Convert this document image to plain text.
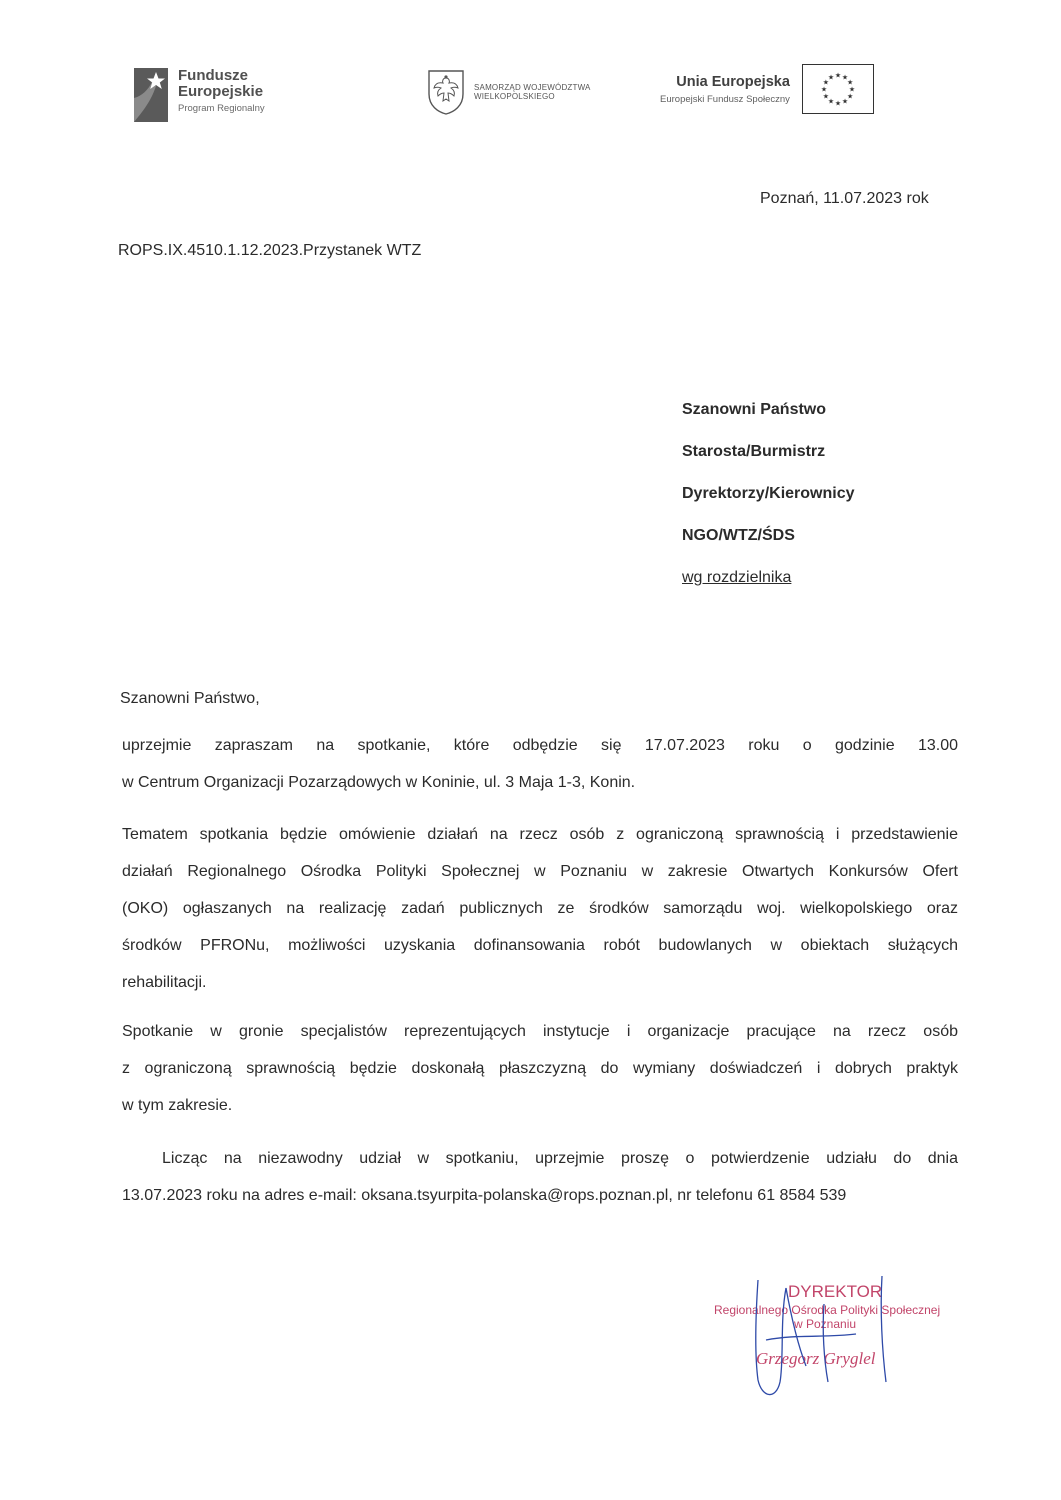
Fundusze
Europejskie
Program Regionalny
SAMORZĄD WOJEWÓDZTWA
WIELKOPOLSKIEGO
Unia Europejska
Europejski Fundusz Społeczny
★ ★
★
★
★
★
★
★
★
★
★
★
Poznań, 11.07.2023 rok
ROPS.IX.4510.1.12.2023.Przystanek WTZ
Szanowni Państwo
Starosta/Burmistrz
Dyrektorzy/Kierownicy
NGO/WTZ/ŚDS
wg rozdzielnika
Szanowni Państwo,
uprzejmie zapraszam na spotkanie, które odbędzie się 17.07.2023 roku o godzinie 13.00
w Centrum Organizacji Pozarządowych w Koninie, ul. 3 Maja 1-3, Konin.
Tematem spotkania będzie omówienie działań na rzecz osób z ograniczoną sprawnością i przedstawienie
działań Regionalnego Ośrodka Polityki Społecznej w Poznaniu w zakresie Otwartych Konkursów Ofert
(OKO) ogłaszanych na realizację zadań publicznych ze środków samorządu woj. wielkopolskiego oraz
środków PFRONu, możliwości uzyskania dofinansowania robót budowlanych w obiektach służących
rehabilitacji.
Spotkanie w gronie specjalistów reprezentujących instytucje i organizacje pracujące na rzecz osób
z ograniczoną sprawnością będzie doskonałą płaszczyzną do wymiany doświadczeń i dobrych praktyk
w tym zakresie.
Licząc na niezawodny udział w spotkaniu, uprzejmie proszę o potwierdzenie udziału do dnia
13.07.2023 roku na adres e-mail: oksana.tsyurpita-polanska@rops.poznan.pl, nr telefonu 61 8584 539
DYREKTOR
Regionalnego Ośrodka Polityki Społecznej
w Poznaniu
Grzegorz Gryglel
